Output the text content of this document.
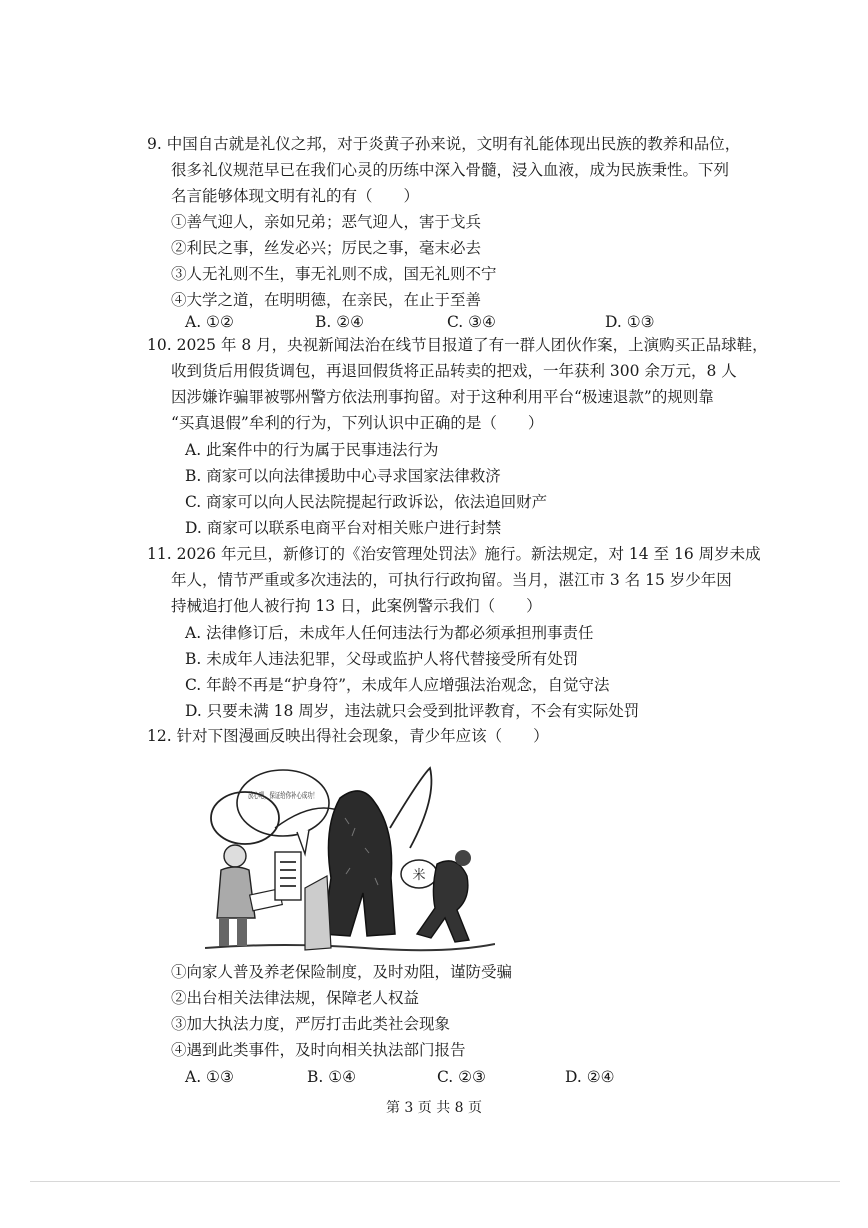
9. 中国自古就是礼仪之邦，对于炎黄子孙来说，文明有礼能体现出民族的教养和品位，
很多礼仪规范早已在我们心灵的历练中深入骨髓，浸入血液，成为民族秉性。下列
名言能够体现文明有礼的有（　　）
①善气迎人，亲如兄弟；恶气迎人，害于戈兵
②利民之事，丝发必兴；厉民之事，毫末必去
③人无礼则不生，事无礼则不成，国无礼则不宁
④大学之道，在明明德，在亲民，在止于至善
A. ①②	B. ②④	C. ③④	D. ①③
10. 2025 年 8 月，央视新闻法治在线节目报道了有一群人团伙作案，上演购买正品球鞋，
收到货后用假货调包，再退回假货将正品转卖的把戏，一年获利 300 余万元，8 人
因涉嫌诈骗罪被鄂州警方依法刑事拘留。对于这种利用平台“极速退款”的规则靠
“买真退假”牟利的行为，下列认识中正确的是（　　）
A. 此案件中的行为属于民事违法行为
B. 商家可以向法律援助中心寻求国家法律救济
C. 商家可以向人民法院提起行政诉讼，依法追回财产
D. 商家可以联系电商平台对相关账户进行封禁
11. 2026 年元旦，新修订的《治安管理处罚法》施行。新法规定，对 14 至 16 周岁未成
年人，情节严重或多次违法的，可执行行政拘留。当月，湛江市 3 名 15 岁少年因
持械追打他人被行拘 13 日，此案例警示我们（　　）
A. 法律修订后，未成年人任何违法行为都必须承担刑事责任
B. 未成年人违法犯罪，父母或监护人将代替接受所有处罚
C. 年龄不再是“护身符”，未成年人应增强法治观念，自觉守法
D. 只要未满 18 周岁，违法就只会受到批评教育，不会有实际处罚
12. 针对下图漫画反映出得社会现象，青少年应该（　　）
放心吧，保证给你补心成功！
米
①向家人普及养老保险制度，及时劝阻，谨防受骗
②出台相关法律法规，保障老人权益
③加大执法力度，严厉打击此类社会现象
④遇到此类事件，及时向相关执法部门报告
A. ①③	B. ①④	C. ②③	D. ②④
第 3 页 共 8 页
